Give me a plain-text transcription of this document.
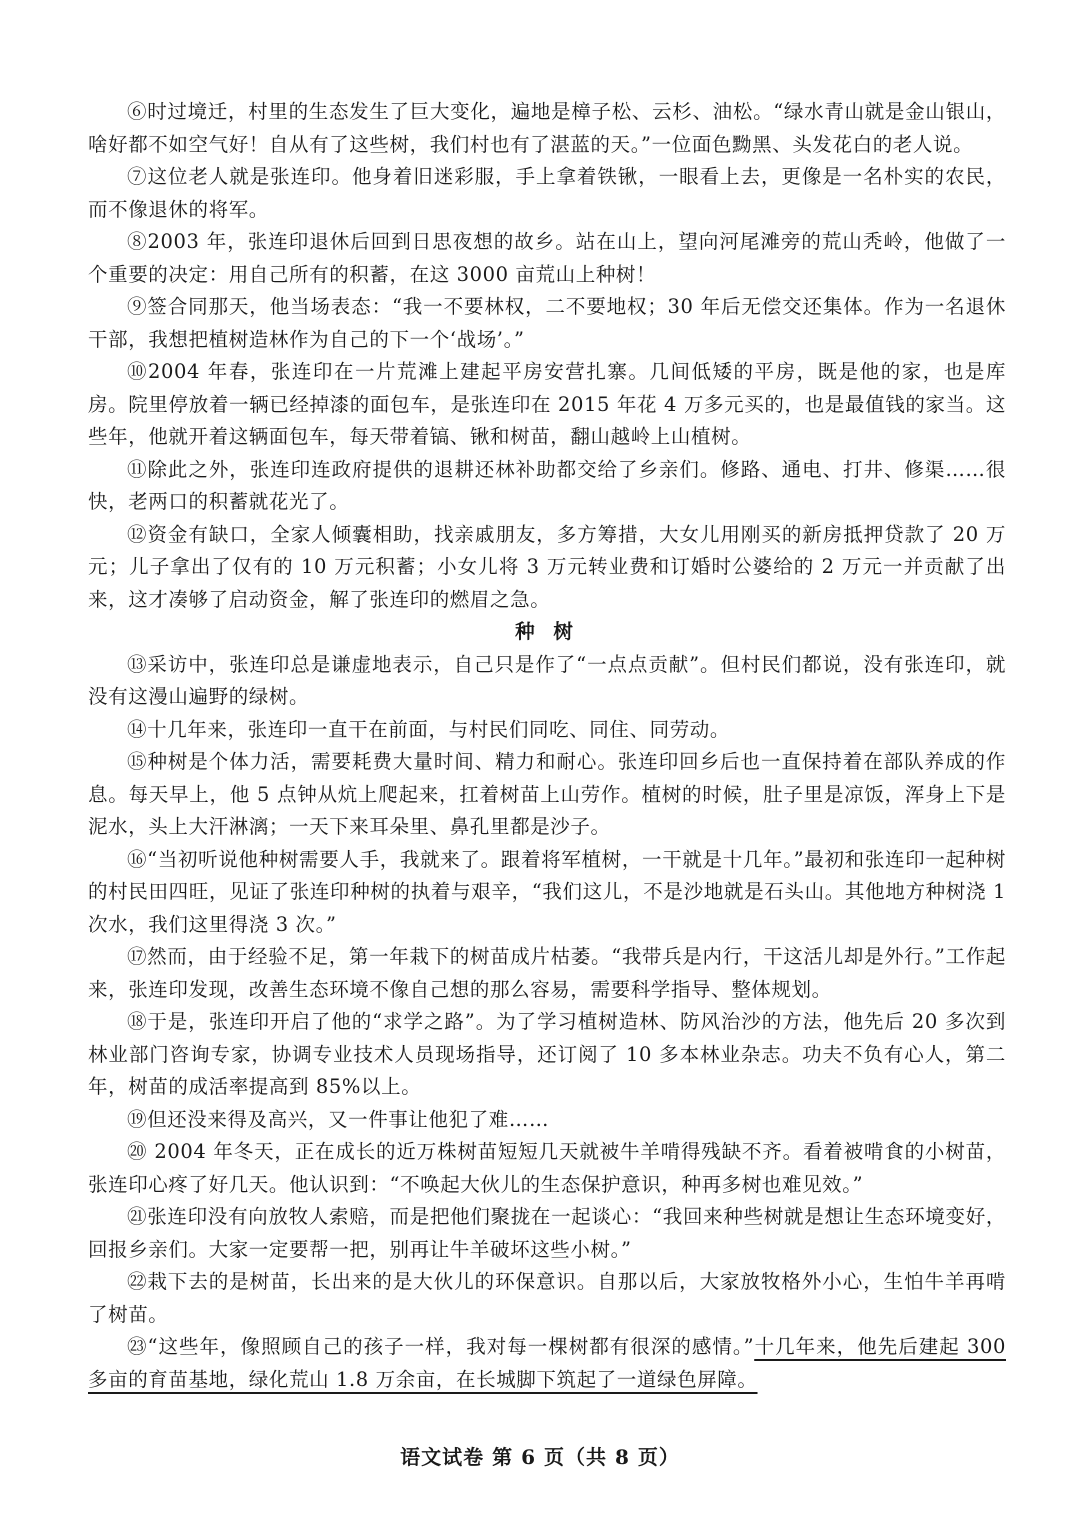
⑥时过境迁，村里的生态发生了巨大变化，遍地是樟子松、云杉、油松。“绿水青山就是金山银山，啥好都不如空气好！自从有了这些树，我们村也有了湛蓝的天。”一位面色黝黑、头发花白的老人说。

⑦这位老人就是张连印。他身着旧迷彩服，手上拿着铁锹，一眼看上去，更像是一名朴实的农民，而不像退休的将军。

⑧2003 年，张连印退休后回到日思夜想的故乡。站在山上，望向河尾滩旁的荒山秃岭，他做了一个重要的决定：用自己所有的积蓄，在这 3000 亩荒山上种树！

⑨签合同那天，他当场表态：“我一不要林权，二不要地权；30 年后无偿交还集体。作为一名退休干部，我想把植树造林作为自己的下一个‘战场’。”

⑩2004 年春，张连印在一片荒滩上建起平房安营扎寨。几间低矮的平房，既是他的家，也是库房。院里停放着一辆已经掉漆的面包车，是张连印在 2015 年花 4 万多元买的，也是最值钱的家当。这些年，他就开着这辆面包车，每天带着镐、锹和树苗，翻山越岭上山植树。

⑪除此之外，张连印连政府提供的退耕还林补助都交给了乡亲们。修路、通电、打井、修渠……很快，老两口的积蓄就花光了。

⑫资金有缺口，全家人倾囊相助，找亲戚朋友，多方筹措，大女儿用刚买的新房抵押贷款了 20 万元；儿子拿出了仅有的 10 万元积蓄；小女儿将 3 万元转业费和订婚时公婆给的 2 万元一并贡献了出来，这才凑够了启动资金，解了张连印的燃眉之急。

种 树

⑬采访中，张连印总是谦虚地表示，自己只是作了“一点点贡献”。但村民们都说，没有张连印，就没有这漫山遍野的绿树。

⑭十几年来，张连印一直干在前面，与村民们同吃、同住、同劳动。

⑮种树是个体力活，需要耗费大量时间、精力和耐心。张连印回乡后也一直保持着在部队养成的作息。每天早上，他 5 点钟从炕上爬起来，扛着树苗上山劳作。植树的时候，肚子里是凉饭，浑身上下是泥水，头上大汗淋漓；一天下来耳朵里、鼻孔里都是沙子。

⑯“当初听说他种树需要人手，我就来了。跟着将军植树，一干就是十几年。”最初和张连印一起种树的村民田四旺，见证了张连印种树的执着与艰辛，“我们这儿，不是沙地就是石头山。其他地方种树浇 1 次水，我们这里得浇 3 次。”

⑰然而，由于经验不足，第一年栽下的树苗成片枯萎。“我带兵是内行，干这活儿却是外行。”工作起来，张连印发现，改善生态环境不像自己想的那么容易，需要科学指导、整体规划。

⑱于是，张连印开启了他的“求学之路”。为了学习植树造林、防风治沙的方法，他先后 20 多次到林业部门咨询专家，协调专业技术人员现场指导，还订阅了 10 多本林业杂志。功夫不负有心人，第二年，树苗的成活率提高到 85%以上。

⑲但还没来得及高兴，又一件事让他犯了难……

⑳ 2004 年冬天，正在成长的近万株树苗短短几天就被牛羊啃得残缺不齐。看着被啃食的小树苗，张连印心疼了好几天。他认识到：“不唤起大伙儿的生态保护意识，种再多树也难见效。”

㉑张连印没有向放牧人索赔，而是把他们聚拢在一起谈心：“我回来种些树就是想让生态环境变好，回报乡亲们。大家一定要帮一把，别再让牛羊破坏这些小树。”

㉒栽下去的是树苗，长出来的是大伙儿的环保意识。自那以后，大家放牧格外小心，生怕牛羊再啃了树苗。

㉓“这些年，像照顾自己的孩子一样，我对每一棵树都有很深的感情。”十几年来，他先后建起 300 多亩的育苗基地，绿化荒山 1.8 万余亩，在长城脚下筑起了一道绿色屏障。

语文试卷 第 6 页（共 8 页）
